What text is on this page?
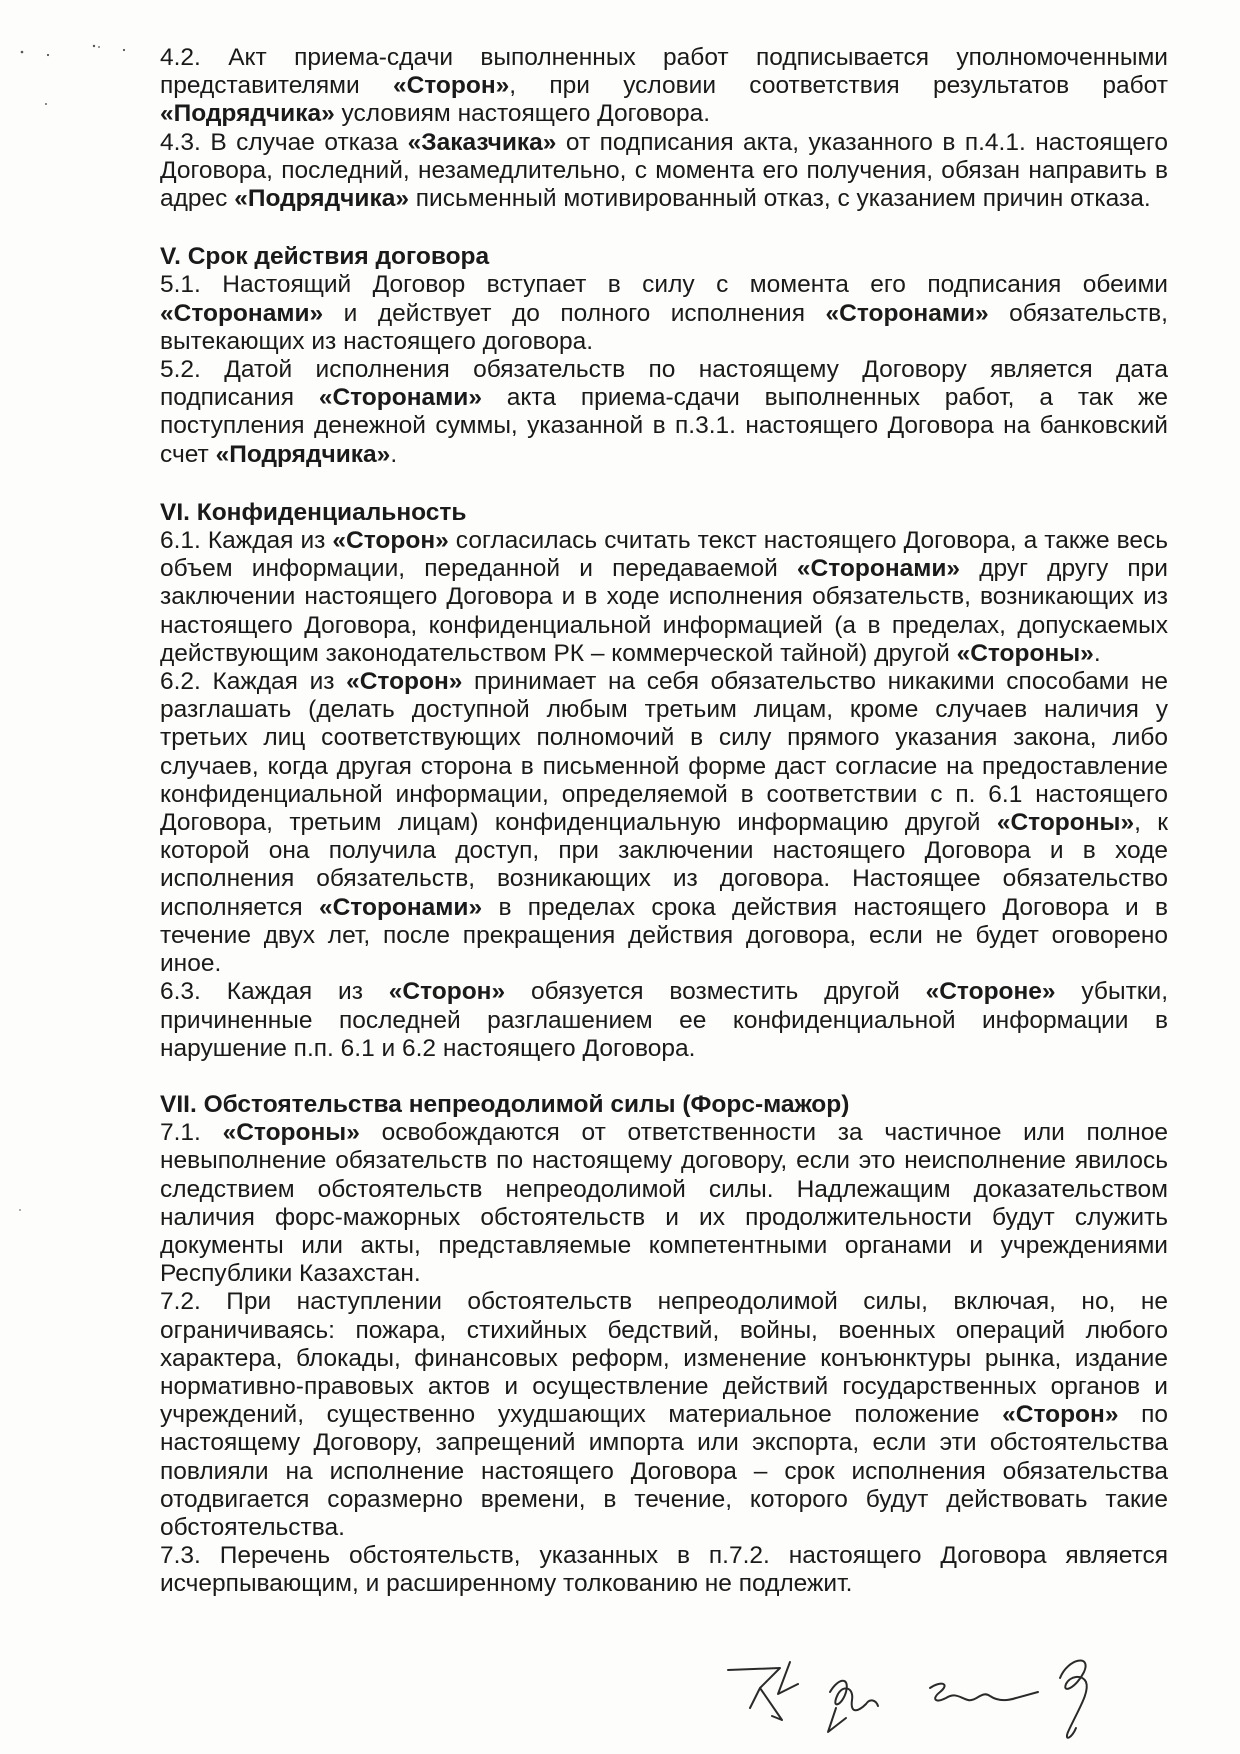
4.2. Акт приема-сдачи выполненных работ подписывается уполномоченными представителями «Сторон», при условии соответствия результатов работ «Подрядчика» условиям настоящего Договора.

4.3. В случае отказа «Заказчика» от подписания акта, указанного в п.4.1. настоящего Договора, последний, незамедлительно, с момента его получения, обязан направить в адрес «Подрядчика» письменный мотивированный отказ, с указанием причин отказа.

V. Срок действия договора

5.1. Настоящий Договор вступает в силу с момента его подписания обеими «Сторонами» и действует до полного исполнения «Сторонами» обязательств, вытекающих из настоящего договора.

5.2. Датой исполнения обязательств по настоящему Договору является дата подписания «Сторонами» акта приема-сдачи выполненных работ, а так же поступления денежной суммы, указанной в п.3.1. настоящего Договора на банковский счет «Подрядчика».

VI. Конфиденциальность

6.1. Каждая из «Сторон» согласилась считать текст настоящего Договора, а также весь объем информации, переданной и передаваемой «Сторонами» друг другу при заключении настоящего Договора и в ходе исполнения обязательств, возникающих из настоящего Договора, конфиденциальной информацией (а в пределах, допускаемых действующим законодательством РК – коммерческой тайной) другой «Стороны».

6.2. Каждая из «Сторон» принимает на себя обязательство никакими способами не разглашать (делать доступной любым третьим лицам, кроме случаев наличия у третьих лиц соответствующих полномочий в силу прямого указания закона, либо случаев, когда другая сторона в письменной форме даст согласие на предоставление конфиденциальной информации, определяемой в соответствии с п. 6.1 настоящего Договора, третьим лицам) конфиденциальную информацию другой «Стороны», к которой она получила доступ, при заключении настоящего Договора и в ходе исполнения обязательств, возникающих из договора. Настоящее обязательство исполняется «Сторонами» в пределах срока действия настоящего Договора и в течение двух лет, после прекращения действия договора, если не будет оговорено иное.

6.3. Каждая из «Сторон» обязуется возместить другой «Стороне» убытки, причиненные последней разглашением ее конфиденциальной информации в нарушение п.п. 6.1 и 6.2 настоящего Договора.

VII. Обстоятельства непреодолимой силы (Форс-мажор)

7.1. «Стороны» освобождаются от ответственности за частичное или полное невыполнение обязательств по настоящему договору, если это неисполнение явилось следствием обстоятельств непреодолимой силы. Надлежащим доказательством наличия форс-мажорных обстоятельств и их продолжительности будут служить документы или акты, представляемые компетентными органами и учреждениями Республики Казахстан.

7.2. При наступлении обстоятельств непреодолимой силы, включая, но, не ограничиваясь: пожара, стихийных бедствий, войны, военных операций любого характера, блокады, финансовых реформ, изменение конъюнктуры рынка, издание нормативно-правовых актов и осуществление действий государственных органов и учреждений, существенно ухудшающих материальное положение «Сторон» по настоящему Договору, запрещений импорта или экспорта, если эти обстоятельства повлияли на исполнение настоящего Договора – срок исполнения обязательства отодвигается соразмерно времени, в течение, которого будут действовать такие обстоятельства.

7.3. Перечень обстоятельств, указанных в п.7.2. настоящего Договора является исчерпывающим, и расширенному толкованию не подлежит.
